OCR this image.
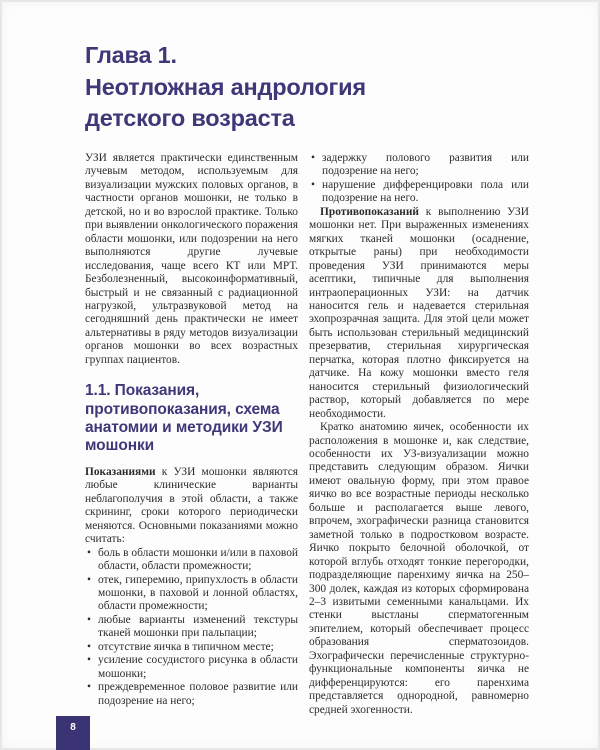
Глава 1.
Неотложная андрология
детского возраста

УЗИ является практически единственным лучевым методом, используемым для визуализации мужских половых органов, в частности органов мошонки, не только в детской, но и во взрослой практике. Только при выявлении онкологического поражения области мошонки, или подозрении на него выполняются другие лучевые исследования, чаще всего КТ или МРТ. Безболезненный, высокоинформативный, быстрый и не связанный с радиационной нагрузкой, ультразвуковой метод на сегодняшний день практически не имеет альтернативы в ряду методов визуализации органов мошонки во всех возрастных группах пациентов.

1.1. Показания, противопоказания, схема анатомии и методики УЗИ мошонки

Показаниями к УЗИ мошонки являются любые клинические варианты неблагополучия в этой области, а также скрининг, сроки которого периодически меняются. Основными показаниями можно считать:

• боль в области мошонки и/или в паховой области, области промежности;
• отек, гиперемию, припухлость в области мошонки, в паховой и лонной областях, области промежности;
• любые варианты изменений текстуры тканей мошонки при пальпации;
• отсутствие яичка в типичном месте;
• усиление сосудистого рисунка в области мошонки;
• преждевременное половое развитие или подозрение на него;
• задержку полового развития или подозрение на него;
• нарушение дифференцировки пола или подозрение на него.

Противопоказаний к выполнению УЗИ мошонки нет. При выраженных изменениях мягких тканей мошонки (осаднение, открытые раны) при необходимости проведения УЗИ принимаются меры асептики, типичные для выполнения интраоперационных УЗИ: на датчик наносится гель и надевается стерильная эхопрозрачная защита. Для этой цели может быть использован стерильный медицинский презерватив, стерильная хирургическая перчатка, которая плотно фиксируется на датчике. На кожу мошонки вместо геля наносится стерильный физиологический раствор, который добавляется по мере необходимости.

Кратко анатомию яичек, особенности их расположения в мошонке и, как следствие, особенности их УЗ-визуализации можно представить следующим образом. Яички имеют овальную форму, при этом правое яичко во все возрастные периоды несколько больше и располагается выше левого, впрочем, эхографически разница становится заметной только в подростковом возрасте. Яичко покрыто белочной оболочкой, от которой вглубь отходят тонкие перегородки, подразделяющие паренхиму яичка на 250–300 долек, каждая из которых сформирована 2–3 извитыми семенными канальцами. Их стенки выстланы сперматогенным эпителием, который обеспечивает процесс образования сперматозоидов. Эхографически перечисленные структурно-функциональные компоненты яичка не дифференцируются: его паренхима представляется однородной, равномерно средней эхогенности.

8
